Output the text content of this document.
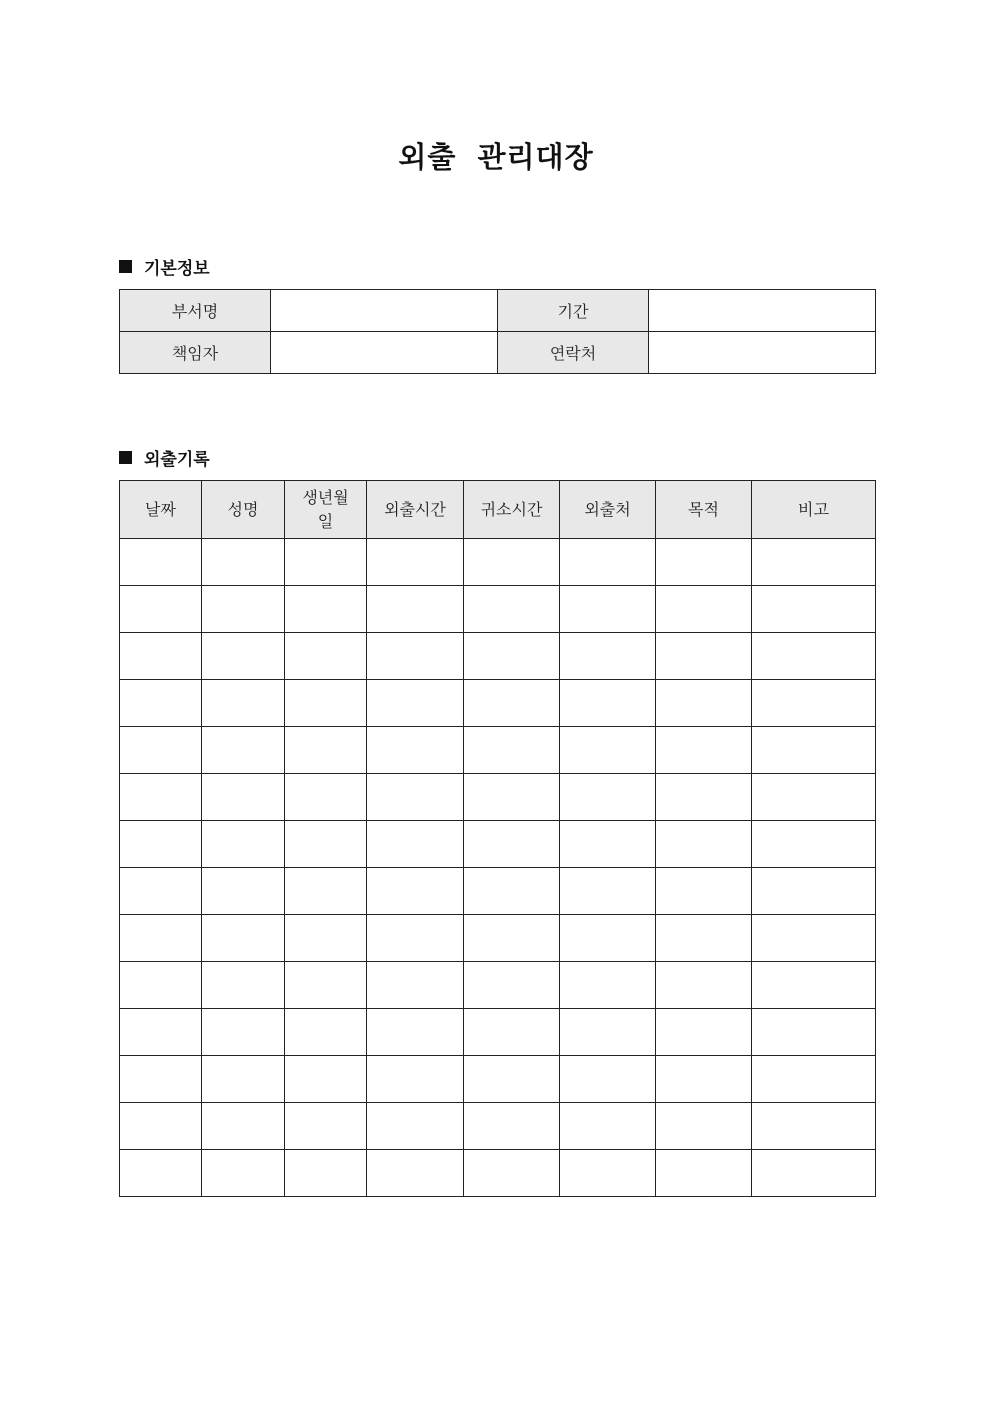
외출 관리대장
기본정보
부서명		기간	
책임자		연락처	
외출기록
날짜	성명	생년월일	외출시간	귀소시간	외출처	목적	비고
